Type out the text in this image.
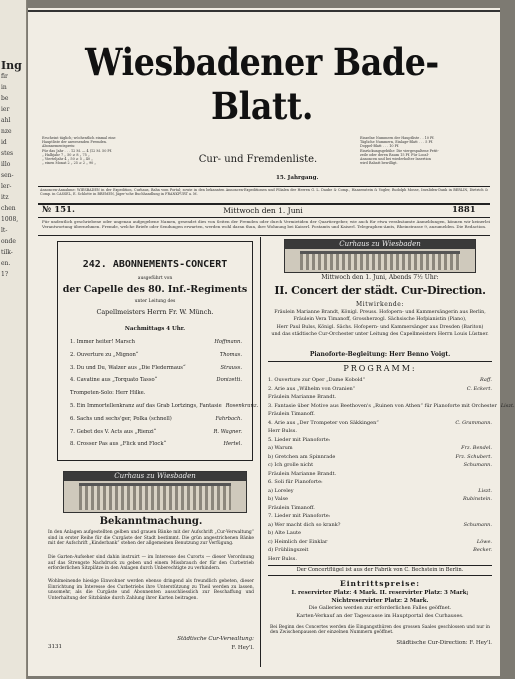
Ing
fir
in
be
ier
ahl
nze
id
stes
illo
sen-
ler-
itz
chen
1008,
lt-
onde
tilk-
en.
1?
Erscheint täglich; wöchentlich einmal eine
Hauptliste der anwesenden Fremden.
Abonnementspreis:
Für das Jahr . . . 12 M. — 4 (12 M. 50 Pf.
„ Halbjahr 7 „ 50 ≥ 8 „ 75 „
„ Vierteljahr 4 „ 50 ≥ 5 „ 40 „
„ einen Monat 2 „ 25 ≥ 2 „ 90 „
Einzelne Nummern der Hauptliste . . 10 Pf.
Tägliche Nummern, Einlage-Blatt . . . 5 Pf.
Doppel-Blatt . . . 10 Pf.
Einrückungsgebühr: Die viergespaltene Petit-
zeile oder deren Raum 15 Pf. Für Local-
Annoncen und bei wiederholter Insertion
wird Rabatt bewilligt.
Wiesbadener Bade-Blatt.
Cur- und Fremdenliste.
15. Jahrgang.
Annoncen-Annahme: WIESBADEN in der Expedition, Curhaus, Bahn vom Portal; sowie in den bekannten Annoncen-Expeditionen und Filialen der Herren G. L. Daube & Comp., Haasenstein & Vogler, Rudolph Mosse, Invaliden-Dank in BERLIN, Dietrich & Comp. in CASSEL, E. Schlotte in BREMEN, Jäger'sche Buchhandlung in FRANKFURT a. M.
№ 151.	Mittwoch den 1. Juni	1881
Für undeutlich geschriebene oder ungenau aufgegebene Namen, gesendet dies von Seiten der Fremden oder durch Vermietiden der Quartiergeber, wie auch für etwa verabsäumte Anmeldungen, können wir keinerlei Verantwortung übernehmen. Fremde, welche Briefe oder Sendungen erwarten, werden wohl daran thun, ihre Wohnung bei Kaiserl. Postamts und Kaiserl. Telegraphen-Amts, Rheinstrasse 9, anzumelden. Die Redaction.
242. ABONNEMENTS-CONCERT
ausgeführt von
der Capelle des 80. Inf.-Regiments
unter Leitung des
Capellmeisters Herrn Fr. W. Münch.
Nachmittags 4 Uhr.
1. Immer heiter! Marsch	Hoffmann.
2. Ouverture zu „Mignon“	Thomas.
3. Du und Du, Walzer aus „Die Fledermaus“	Strauss.
4. Cavatine aus „Torquato Tasso“	Donizetti.
Trompeten-Solo: Herr Hilke.
5. Ein Immortellenkranz auf das Grab Lortzings, Fantasie Rosenkranz.
6. Sachs und sechs'ger, Polka (schnell)	Fahrbach.
7. Gebet des V. Acts aus „Rienzi“	R. Wagner.
8. Crosser Pas aus „Flick und Flock“	Hertel.
Curhaus zu Wiesbaden
Bekanntmachung.
In den Anlagen aufgestellten gelben und grauen Bänke mit der Aufschrift „Cur-Verwaltung“ sind in erster Reihe für die Curgäste der Stadt bestimmt. Die grün angestrichenen Bänke mit der Aufschrift „Kinderbank“ stehen der allgemeinen Benutzung zur Verfügung.
Die Garten-Aufseher sind dahin instruirt — im Interesse des Curorts — dieser Verordnung auf das Strengste Nachdruck zu geben und einem Missbrauch der für den Curbetrieb erforderlichen Sitzplätze in den Anlagen durch Unberechtigte zu verhindern.
Wohlmeinende hiesige Einwohner werden ebenso dringend als freundlich gebeten, dieser Einrichtung im Interesse des Curbetriebs ihre Unterstützung zu Theil werden zu lassen, unsomehr, als die Curgäste und Abonnenten ausschliesslich zur Beschaffung und Unterhaltung der Sitzbänke durch Zahlung ihrer Karten beitragen.
Städtische Cur-Verwaltung:
F. Hey'l.
3131
Curhaus zu Wiesbaden
Mittwoch den 1. Juni, Abends 7½ Uhr:
II. Concert der städt. Cur-Direction.
Mitwirkende:
Fräulein Marianne Brandt, Königl. Preuss. Hofopern- und Kammersängerin aus Berlin,
Fräulein Vera Timanoff, Grossherzogl. Sächsische Hofpianistin (Piano),
Herr Paul Bulss, Königl. Sächs. Hofopern- und Kammersänger aus Dresden (Bariton)
und das städtische Cur-Orchester unter Leitung des Capellmeisters Herrn Louis Lüstner.
Pianoforte-Begleitung: Herr Benno Voigt.
PROGRAMM:
1. Ouverture zur Oper „Dame Kobold“	Raff.
2. Arie aus „Wilhelm von Oranien“	C. Eckert.
Fräulein Marianne Brandt.
3. Fantasie über Motive aus Beethoven's „Ruinen von Athen“ für Pianoforte mit Orchester Liszt.
Fräulein Timanoff.
4. Arie aus „Der Trompeter von Säkkingen“	C. Grammann.
Herr Bulss.
5. Lieder mit Pianoforte:
a) Warum	Frz. Bendel.
b) Gretchen am Spinnrade	Frz. Schubert.
c) Ich grolle nicht	Schumann.
Fräulein Marianne Brandt.
6. Soli für Pianoforte:
a) Loreley	Liszt.
b) Valse	Rubinstein.
Fräulein Timanoff.
7. Lieder mit Pianoforte:
a) Wer macht dich so krank?	Schumann.
b) Alte Laute
c) Heimlich der Einklar	Löwe.
d) Frühlingszeit	Becker.
Herr Bulss.
Der Concertflügel ist aus der Fabrik von C. Bechstein in Berlin.
Eintrittspreise:
I. reservirter Platz: 4 Mark. II. reservirter Platz: 3 Mark;
Nichtreservirter Platz: 2 Mark.
Die Gallerien werden zur erforderlichen Falles geöffnet.
Karten-Verkauf an der Tagescasse im Hauptportal des Curhauses.
Bei Beginn des Concertes werden die Eingangsthüren des grossen Saales geschlossen und nur in den Zwischenpausen der einzelnen Nummern geöffnet.
Städtische Cur-Direction: F. Hey'l.
